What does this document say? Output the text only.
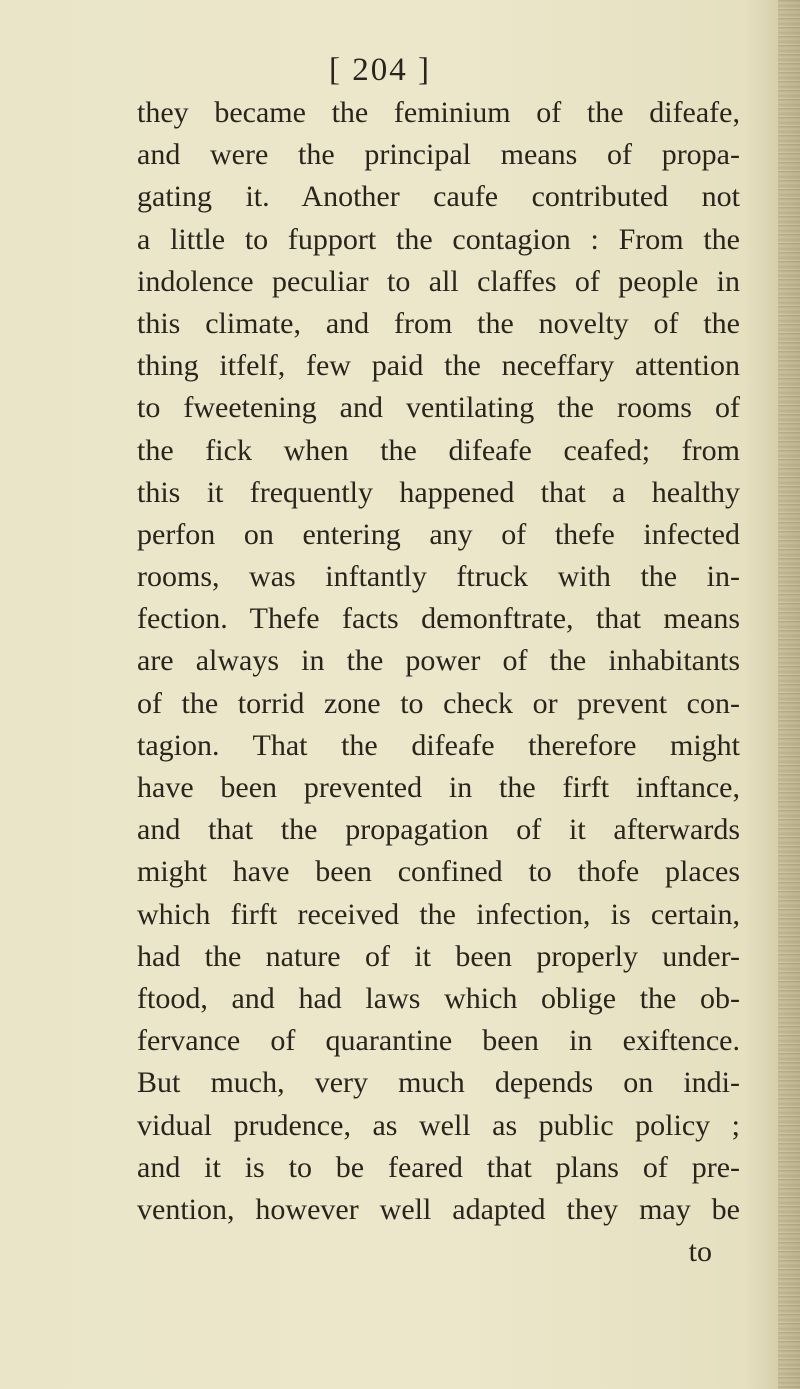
[ 204 ]
they became the feminium of the difeafe,
and were the principal means of propa-
gating it. Another caufe contributed not
a little to fupport the contagion : From the
indolence peculiar to all claffes of people in
this climate, and from the novelty of the
thing itfelf, few paid the neceffary attention
to fweetening and ventilating the rooms of
the fick when the difeafe ceafed; from
this it frequently happened that a healthy
perfon on entering any of thefe infected
rooms, was inftantly ftruck with the in-
fection. Thefe facts demonftrate, that means
are always in the power of the inhabitants
of the torrid zone to check or prevent con-
tagion. That the difeafe therefore might
have been prevented in the firft inftance,
and that the propagation of it afterwards
might have been confined to thofe places
which firft received the infection, is certain,
had the nature of it been properly under-
ftood, and had laws which oblige the ob-
fervance of quarantine been in exiftence.
But much, very much depends on indi-
vidual prudence, as well as public policy ;
and it is to be feared that plans of pre-
vention, however well adapted they may be
to
